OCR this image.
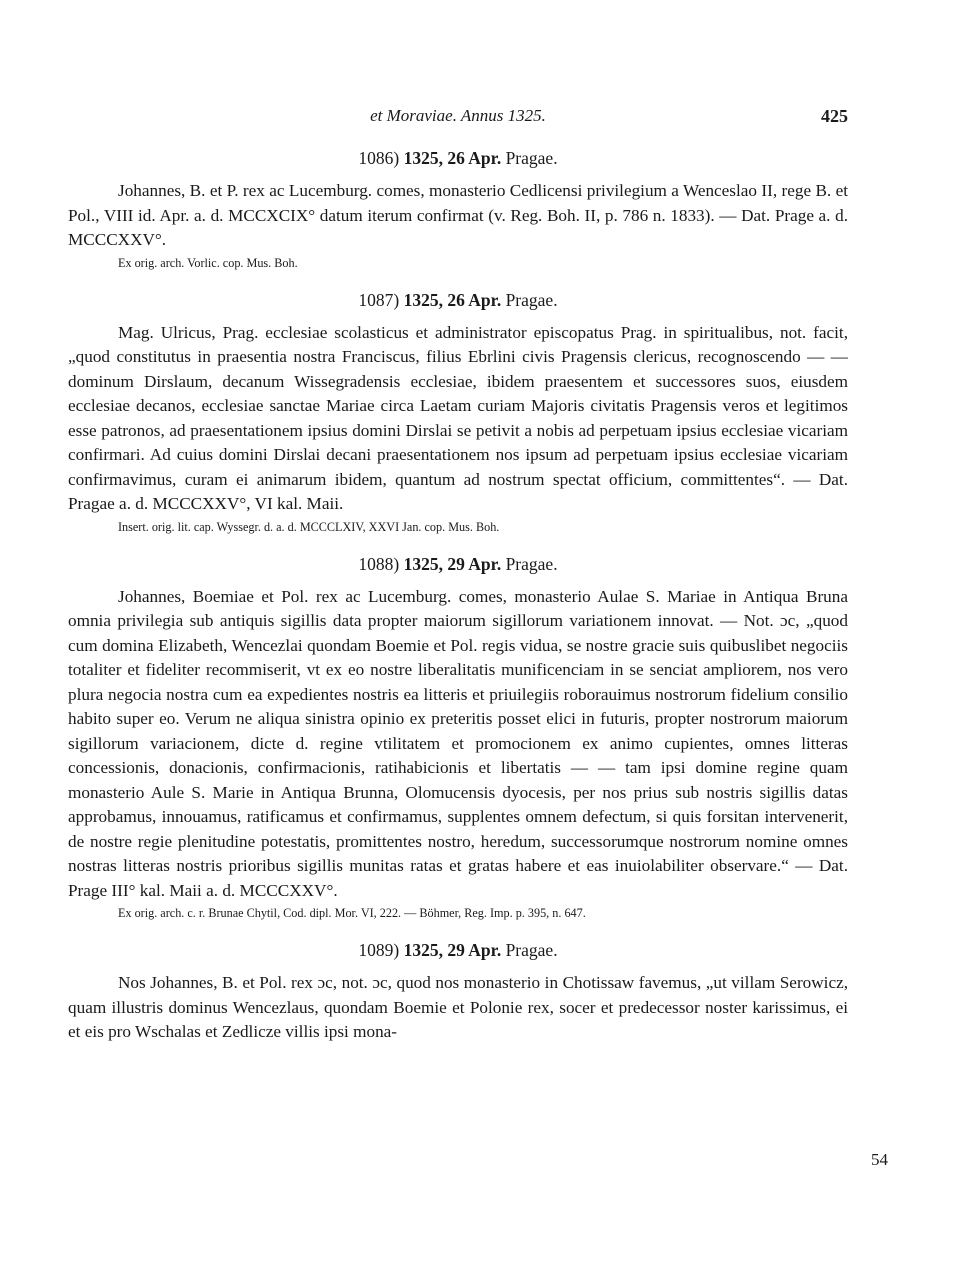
et Moraviae. Annus 1325.	425
1086) 1325, 26 Apr. Pragae.

Johannes, B. et P. rex ac Lucemburg. comes, monasterio Cedlicensi privilegium a Wenceslao II, rege B. et Pol., VIII id. Apr. a. d. MCCXCIX° datum iterum confirmat (v. Reg. Boh. II, p. 786 n. 1833). — Dat. Prage a. d. MCCCXXV°.

Ex orig. arch. Vorlic. cop. Mus. Boh.

1087) 1325, 26 Apr. Pragae.

Mag. Ulricus, Prag. ecclesiae scolasticus et administrator episcopatus Prag. in spiritualibus, not. facit, „quod constitutus in praesentia nostra Franciscus, filius Ebrlini civis Pragensis clericus, recognoscendo — — dominum Dirslaum, decanum Wissegradensis ecclesiae, ibidem praesentem et successores suos, eiusdem ecclesiae decanos, ecclesiae sanctae Mariae circa Laetam curiam Majoris civitatis Pragensis veros et legitimos esse patronos, ad praesentationem ipsius domini Dirslai se petivit a nobis ad perpetuam ipsius ecclesiae vicariam confirmari. Ad cuius domini Dirslai decani praesentationem nos ipsum ad perpetuam ipsius ecclesiae vicariam confirmavimus, curam ei animarum ibidem, quantum ad nostrum spectat officium, committentes“. — Dat. Pragae a. d. MCCCXXV°, VI kal. Maii.

Insert. orig. lit. cap. Wyssegr. d. a. d. MCCCLXIV, XXVI Jan. cop. Mus. Boh.

1088) 1325, 29 Apr. Pragae.

Johannes, Boemiae et Pol. rex ac Lucemburg. comes, monasterio Aulae S. Mariae in Antiqua Bruna omnia privilegia sub antiquis sigillis data propter maiorum sigillorum variationem innovat. — Not. ɔc, „quod cum domina Elizabeth, Wencezlai quondam Boemie et Pol. regis vidua, se nostre gracie suis quibuslibet negociis totaliter et fideliter recommiserit, vt ex eo nostre liberalitatis munificenciam in se senciat ampliorem, nos vero plura negocia nostra cum ea expedientes nostris ea litteris et priuilegiis roborauimus nostrorum fidelium consilio habito super eo. Verum ne aliqua sinistra opinio ex preteritis posset elici in futuris, propter nostrorum maiorum sigillorum variacionem, dicte d. regine vtilitatem et promocionem ex animo cupientes, omnes litteras concessionis, donacionis, confirmacionis, ratihabicionis et libertatis — — tam ipsi domine regine quam monasterio Aule S. Marie in Antiqua Brunna, Olomucensis dyocesis, per nos prius sub nostris sigillis datas approbamus, innouamus, ratificamus et confirmamus, supplentes omnem defectum, si quis forsitan intervenerit, de nostre regie plenitudine potestatis, promittentes nostro, heredum, successorumque nostrorum nomine omnes nostras litteras nostris prioribus sigillis munitas ratas et gratas habere et eas inuiolabiliter observare.“ — Dat. Prage III° kal. Maii a. d. MCCCXXV°.

Ex orig. arch. c. r. Brunae Chytil, Cod. dipl. Mor. VI, 222. — Böhmer, Reg. Imp. p. 395, n. 647.

1089) 1325, 29 Apr. Pragae.

Nos Johannes, B. et Pol. rex ɔc, not. ɔc, quod nos monasterio in Chotissaw favemus, „ut villam Serowicz, quam illustris dominus Wencezlaus, quondam Boemie et Polonie rex, socer et predecessor noster karissimus, ei et eis pro Wschalas et Zedlicze villis ipsi mona-

54
